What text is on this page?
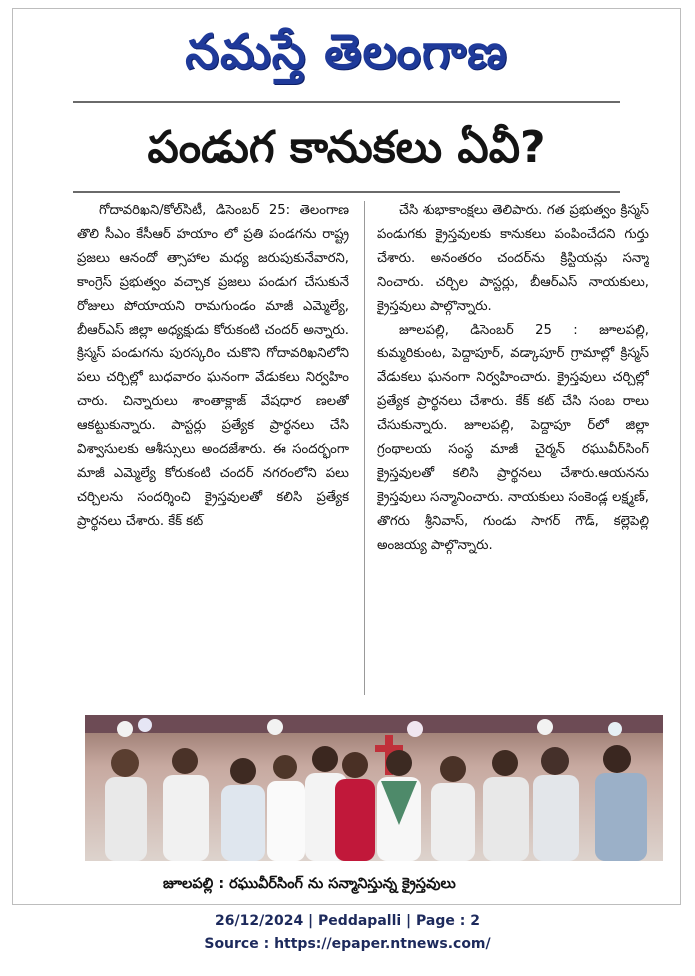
నమస్తే తెలంగాణ
పండుగ కానుకలు ఏవీ?

గోదావరిఖని/కోల్‌సిటీ, డిసెంబర్ 25: తెలంగాణ తొలి సీఎం కేసీఆర్ హయాం లో ప్రతి పండగను రాష్ట్ర ప్రజలు ఆనందో త్సాహాల మధ్య జరుపుకునేవారని, కాంగ్రెస్ ప్రభుత్వం వచ్చాక ప్రజలు పండుగ చేసుకునే రోజులు పోయాయని రామగుండం మాజీ ఎమ్మెల్యే, బీఆర్‌ఎస్ జిల్లా అధ్యక్షుడు కోరుకంటి చందర్ అన్నారు. క్రిస్మస్ పండుగను పురస్కరిం చుకొని గోదావరిఖనిలోని పలు చర్చిల్లో బుధవారం ఘనంగా వేడుకలు నిర్వహిం చారు. చిన్నారులు శాంతాక్లాజ్ వేషధార ణలతో ఆకట్టుకున్నారు. పాస్టర్లు ప్రత్యేక ప్రార్థనలు చేసి విశ్వాసులకు ఆశీస్సులు అందజేశారు. ఈ సందర్భంగా మాజీ ఎమ్మెల్యే కోరుకంటి చందర్ నగరంలోని పలు చర్చిలను సందర్శించి క్రైస్తవులతో కలిసి ప్రత్యేక ప్రార్థనలు చేశారు. కేక్ కట్

చేసి శుభాకాంక్షలు తెలిపారు. గత ప్రభుత్వం క్రిస్మస్ పండుగకు క్రైస్తవులకు కానుకలు పంపించేదని గుర్తు చేశారు. అనంతరం చందర్‌ను క్రిస్టియన్లు సన్మా నించారు. చర్చిల పాస్టర్లు, బీఆర్‌ఎస్ నాయకులు, క్రైస్తవులు పాల్గొన్నారు.

జూలపల్లి, డిసెంబర్ 25 : జూలపల్లి, కుమ్మరికుంట, పెద్దాపూర్, వడ్కాపూర్ గ్రామాల్లో క్రిస్మస్ వేడుకలు ఘనంగా నిర్వహించారు. క్రైస్తవులు చర్చిల్లో ప్రత్యేక ప్రార్థనలు చేశారు. కేక్ కట్ చేసి సంబ రాలు చేసుకున్నారు. జూలపల్లి, పెద్దాపూ ర్‌లో జిల్లా గ్రంథాలయ సంస్థ మాజీ చైర్మన్ రఘువీర్‌సింగ్ క్రైస్తవులతో కలిసి ప్రార్థనలు చేశారు.ఆయనను క్రైస్తవులు సన్మానించారు. నాయకులు సంకెండ్ల లక్ష్మణ్, తొగరు శ్రీనివాస్, గుండు సాగర్ గౌడ్, కల్లెపెల్లి అంజయ్య పాల్గొన్నారు.

జూలపల్లి : రఘువీర్‌సింగ్ ను సన్మానిస్తున్న క్రైస్తవులు
26/12/2024 | Peddapalli | Page : 2
Source : https://epaper.ntnews.com/
